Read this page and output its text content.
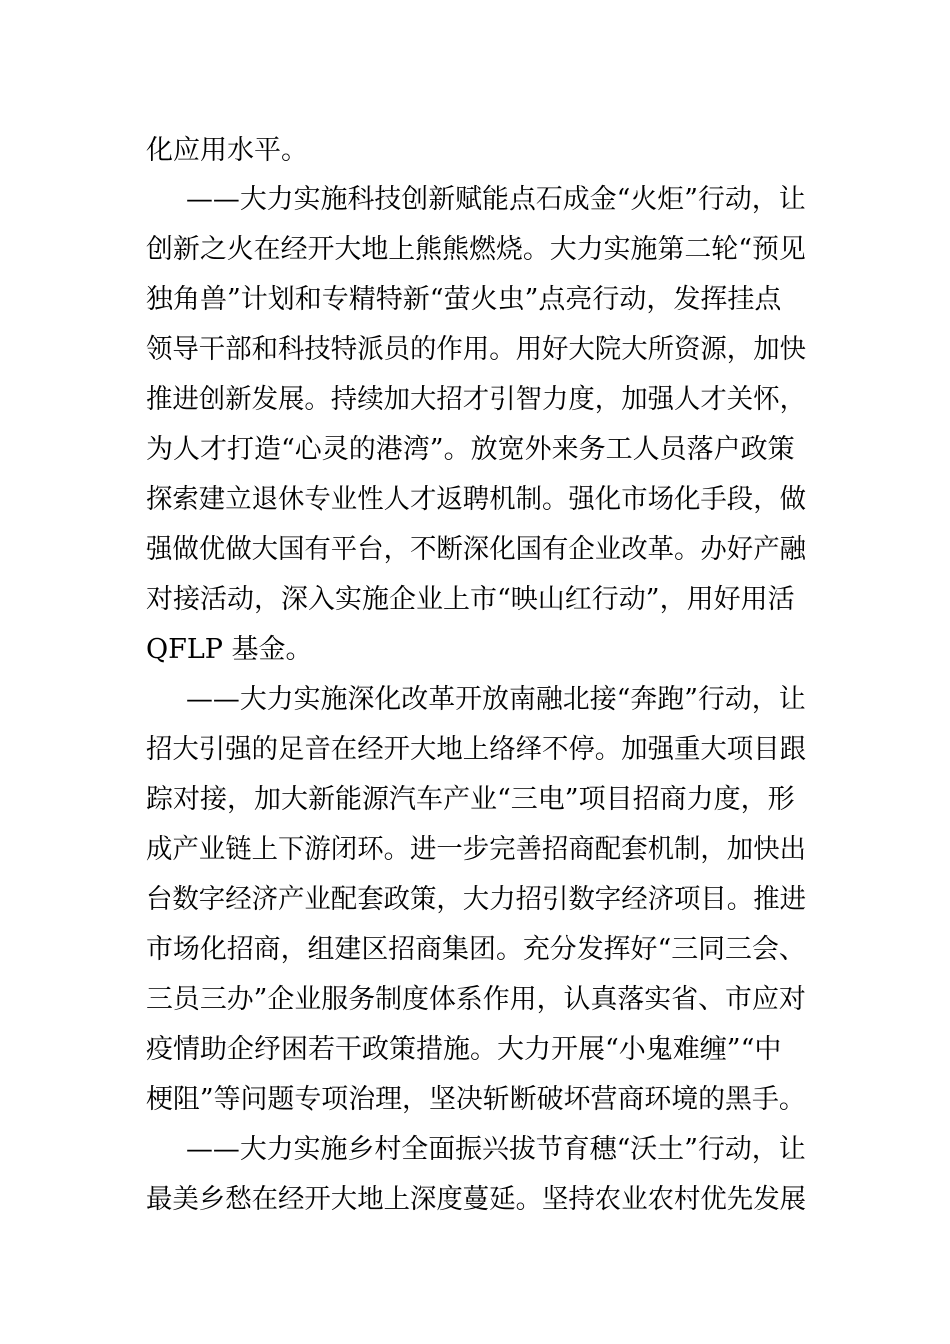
化应用水平。
——大力实施科技创新赋能点石成金“火炬”行动，让
创新之火在经开大地上熊熊燃烧。大力实施第二轮“预见
独角兽”计划和专精特新“萤火虫”点亮行动，发挥挂点
领导干部和科技特派员的作用。用好大院大所资源，加快
推进创新发展。持续加大招才引智力度，加强人才关怀，
为人才打造“心灵的港湾”。放宽外来务工人员落户政策
探索建立退休专业性人才返聘机制。强化市场化手段，做
强做优做大国有平台，不断深化国有企业改革。办好产融
对接活动，深入实施企业上市“映山红行动”，用好用活
QFLP 基金。
——大力实施深化改革开放南融北接“奔跑”行动，让
招大引强的足音在经开大地上络绎不停。加强重大项目跟
踪对接，加大新能源汽车产业“三电”项目招商力度，形
成产业链上下游闭环。进一步完善招商配套机制，加快出
台数字经济产业配套政策，大力招引数字经济项目。推进
市场化招商，组建区招商集团。充分发挥好“三同三会、
三员三办”企业服务制度体系作用，认真落实省、市应对
疫情助企纾困若干政策措施。大力开展“小鬼难缠”“中
梗阻”等问题专项治理，坚决斩断破坏营商环境的黑手。
——大力实施乡村全面振兴拔节育穗“沃土”行动，让
最美乡愁在经开大地上深度蔓延。坚持农业农村优先发展
